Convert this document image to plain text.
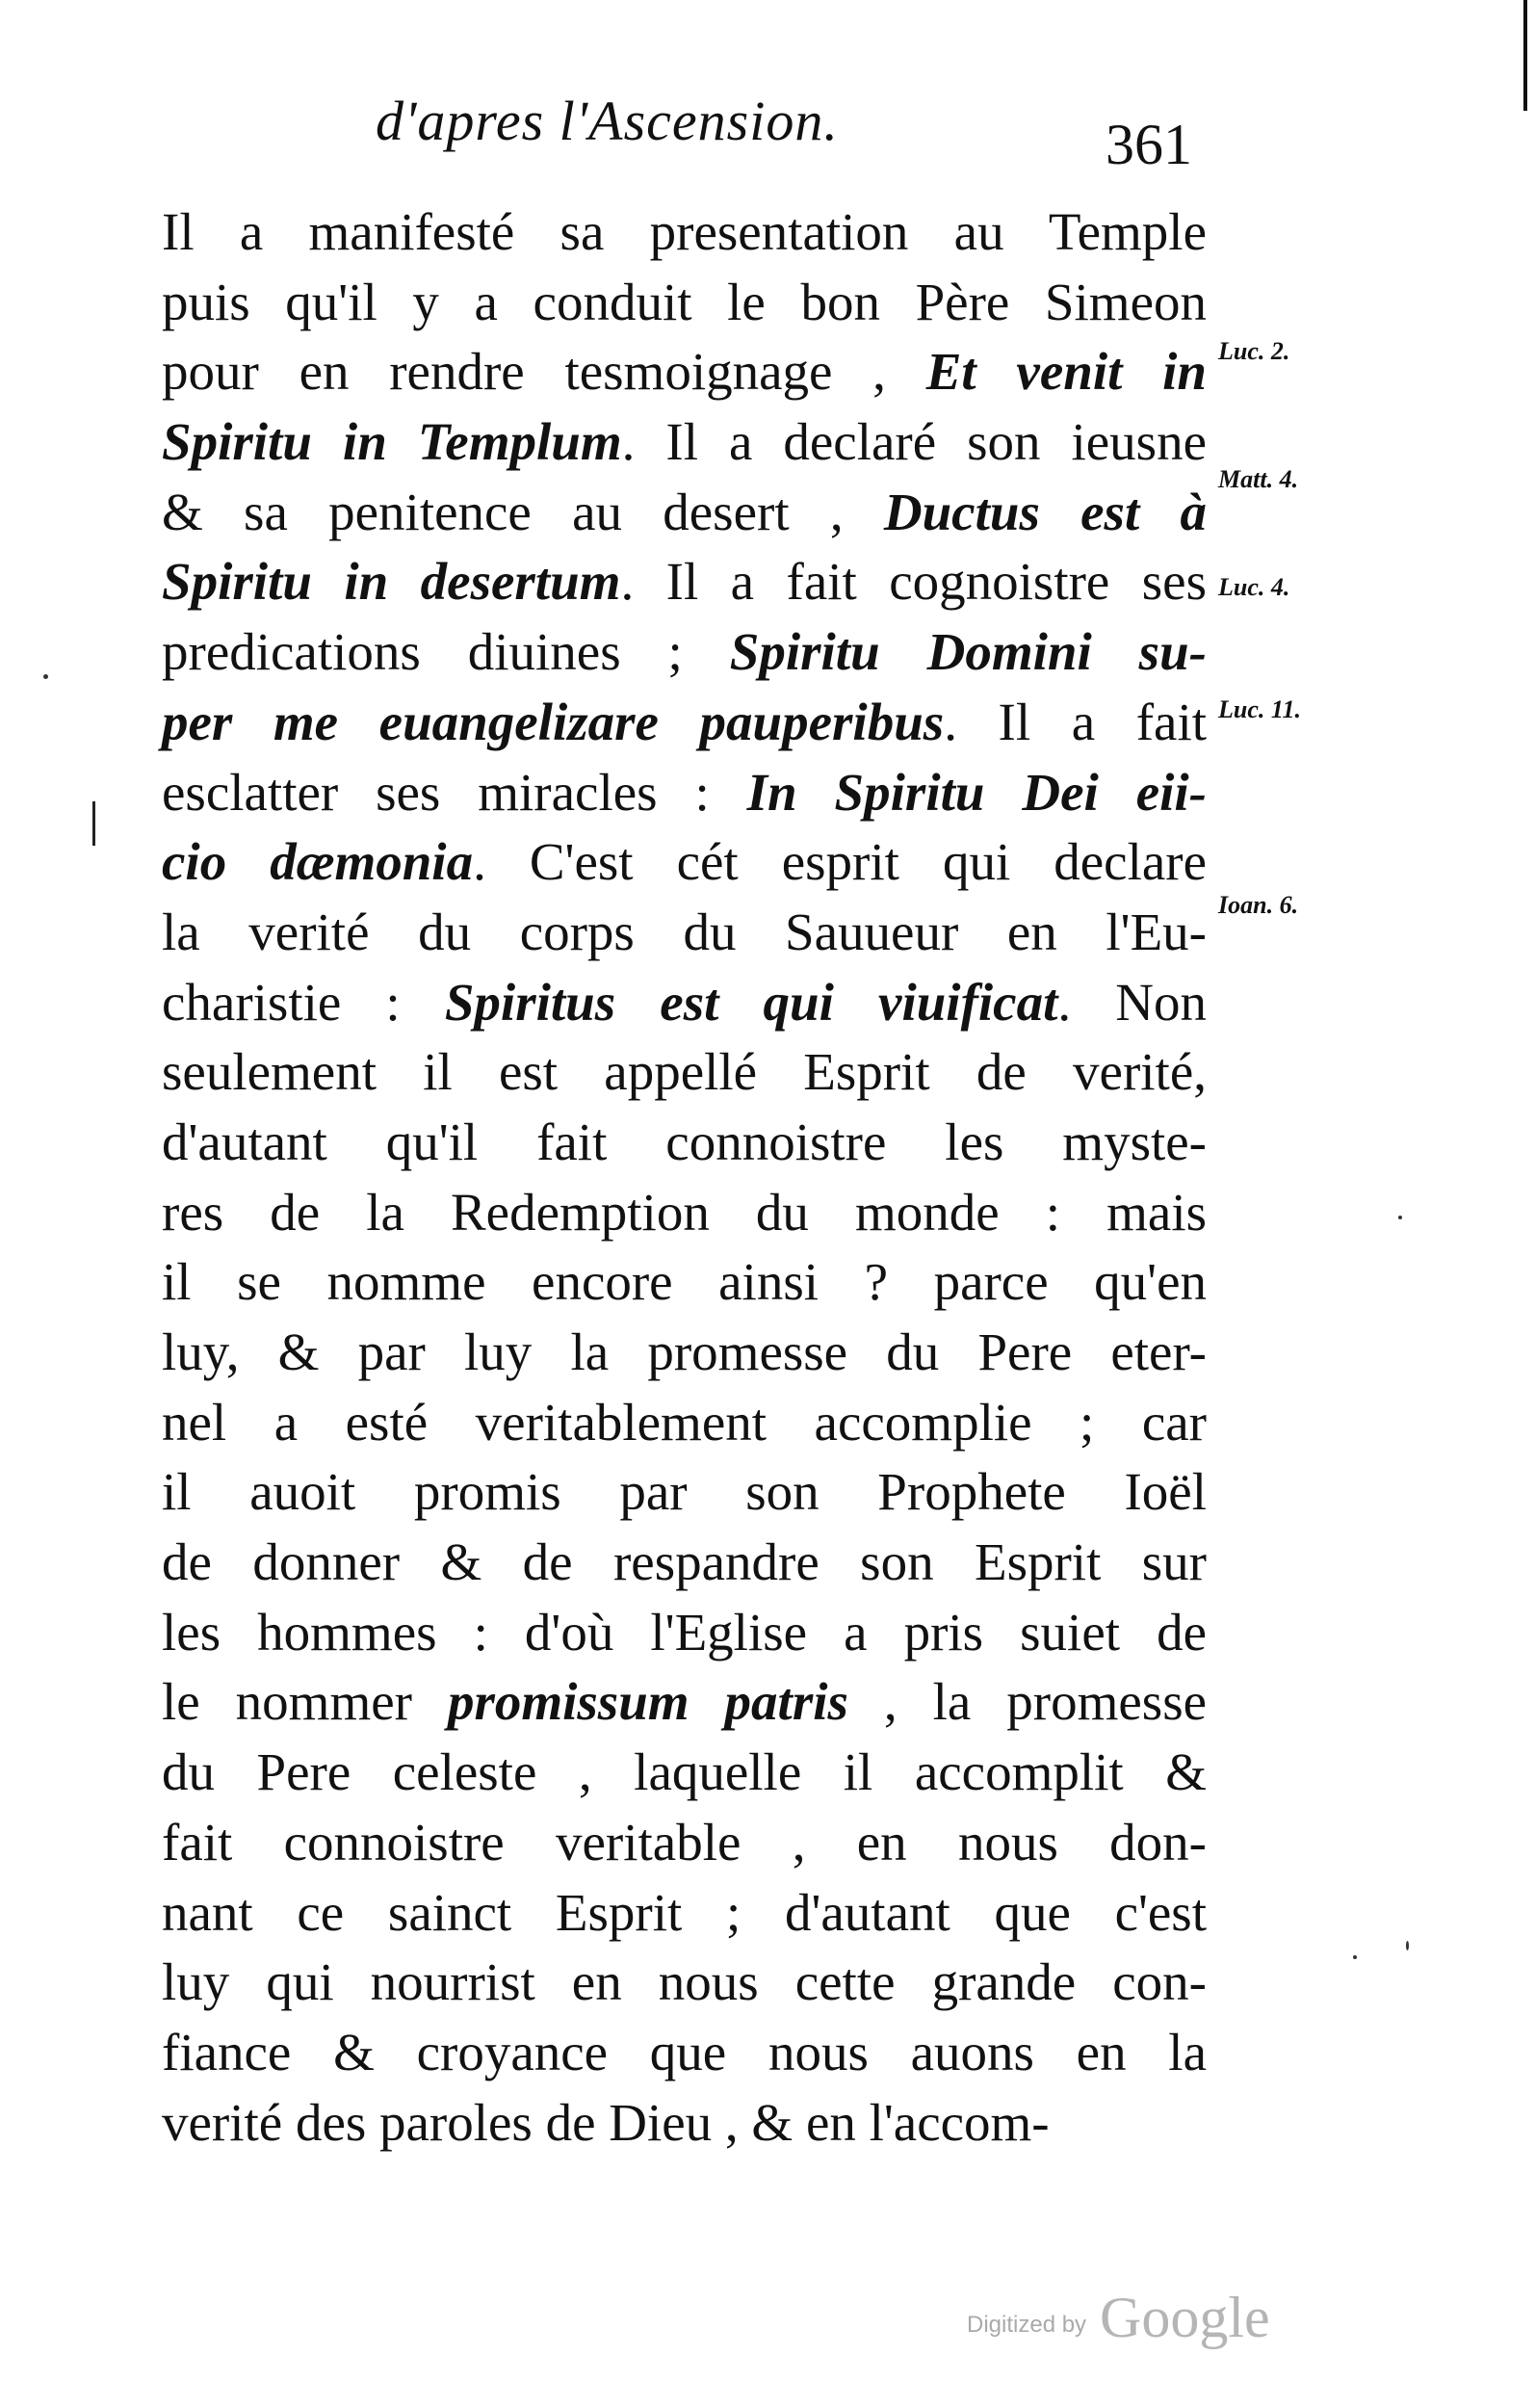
d'apres l'Ascension.	361
Il a manifesté sa presentation au Temple
puis qu'il y a conduit le bon Père Simeon
pour en rendre tesmoignage , Et venit in
Spiritu in Templum. Il a declaré son ieusne
& sa penitence au desert , Ductus est à
Spiritu in desertum. Il a fait cognoistre ses
predications diuines ; Spiritu Domini su-
per me euangelizare pauperibus. Il a fait
esclatter ses miracles : In Spiritu Dei eii-
cio dæmonia. C'est cét esprit qui declare
la verité du corps du Sauueur en l'Eu-
charistie : Spiritus est qui viuificat. Non
seulement il est appellé Esprit de verité,
d'autant qu'il fait connoistre les myste-
res de la Redemption du monde : mais
il se nomme encore ainsi ? parce qu'en
luy, & par luy la promesse du Pere eter-
nel a esté veritablement accomplie ; car
il auoit promis par son Prophete Ioël
de donner & de respandre son Esprit sur
les hommes : d'où l'Eglise a pris suiet de
le nommer promissum patris , la promesse
du Pere celeste , laquelle il accomplit &
fait connoistre veritable , en nous don-
nant ce sainct Esprit ; d'autant que c'est
luy qui nourrist en nous cette grande con-
fiance & croyance que nous auons en la
verité des paroles de Dieu , & en l'accom-
Luc. 2.
Matt. 4.
Luc. 4.
Luc. 11.
Ioan. 6.
Digitized by Google
